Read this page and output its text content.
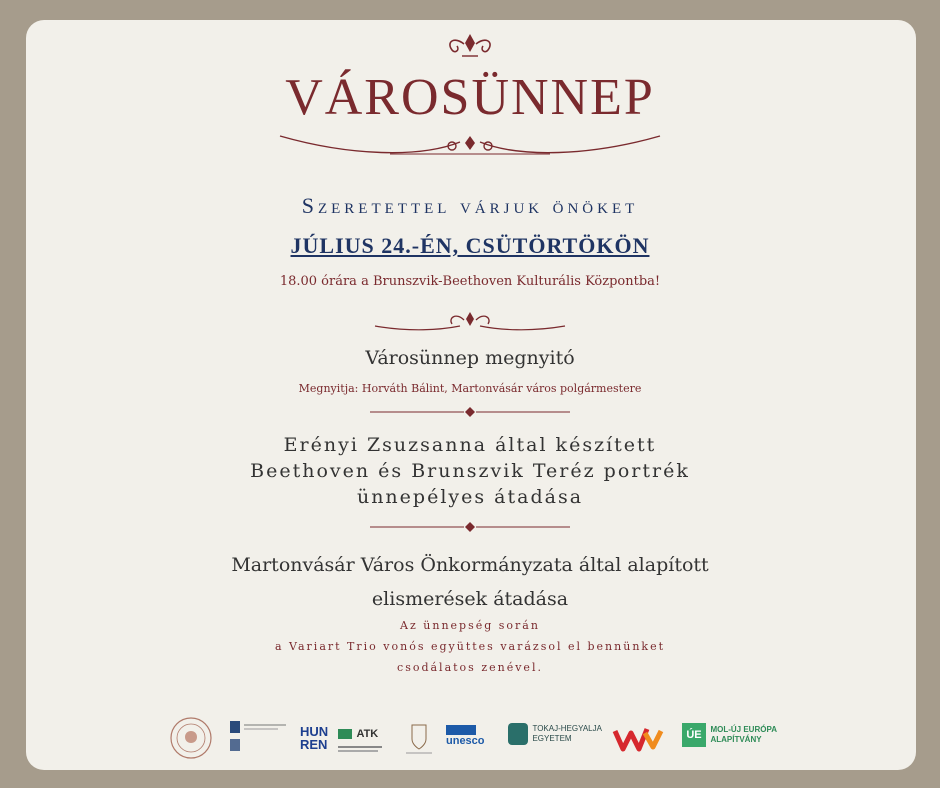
VÁROSÜNNEP
Szeretettel várjuk önöket
JÚLIUS 24.-ÉN, CSÜTÖRTÖKÖN
18.00 órára a Brunszvik-Beethoven Kulturális Központba!
Városünnep megnyitó
Megnyitja: Horváth Bálint, Martonvásár város polgármestere
Erényi Zsuzsanna által készített
Beethoven és Brunszvik Teréz portrék
ünnepélyes átadása
Martonvásár Város Önkormányzata által alapított
elismerések átadása
Az ünnepség során
a Variart Trio vonós együttes varázsol el bennünket
csodálatos zenével.
HUN
REN
ATK
unesco
TOKAJ-HEGYALJA
EGYETEM	ÚE MOL-ÚJ EURÓPA
ALAPÍTVÁNY
